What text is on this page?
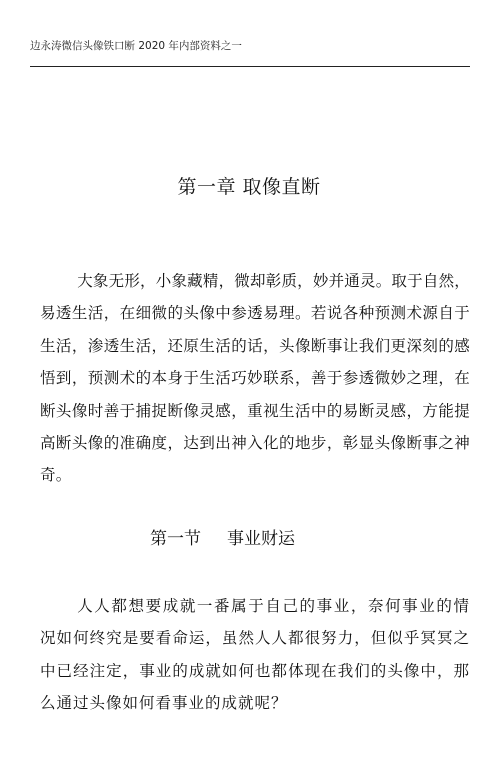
边永涛微信头像铁口断 2020 年内部资料之一
第一章 取像直断

大象无形，小象藏精，微却彰质，妙并通灵。取于自然，易透生活，在细微的头像中参透易理。若说各种预测术源自于生活，渗透生活，还原生活的话，头像断事让我们更深刻的感悟到，预测术的本身于生活巧妙联系，善于参透微妙之理，在断头像时善于捕捉断像灵感，重视生活中的易断灵感，方能提高断头像的准确度，达到出神入化的地步，彰显头像断事之神奇。

第一节 事业财运

人人都想要成就一番属于自己的事业，奈何事业的情况如何终究是要看命运，虽然人人都很努力，但似乎冥冥之中已经注定，事业的成就如何也都体现在我们的头像中，那么通过头像如何看事业的成就呢？
